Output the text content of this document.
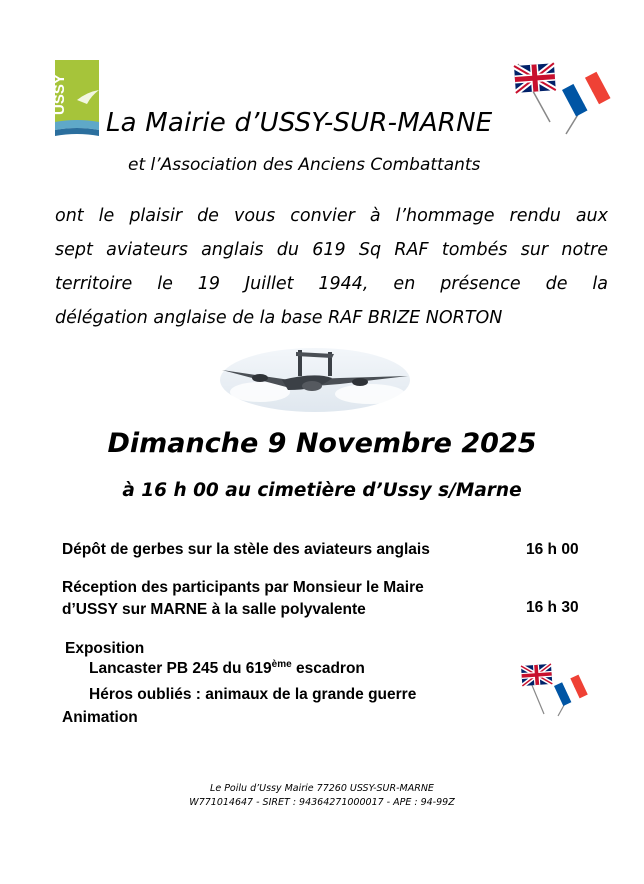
USSY
La Mairie d’USSY-SUR-MARNE
et l’Association des Anciens Combattants
ont le plaisir de vous convier à l’hommage rendu aux
sept aviateurs anglais du 619 Sq RAF tombés sur notre
territoire le 19 Juillet 1944, en présence de la
délégation anglaise de la base RAF BRIZE NORTON
Dimanche 9 Novembre 2025
à 16 h 00 au cimetière d’Ussy s/Marne
Dépôt de gerbes sur la stèle des aviateurs anglais	16 h 00
Réception des participants par Monsieur le Maire
d’USSY sur MARNE à la salle polyvalente	16 h 30
Exposition
Lancaster PB 245 du 619ème escadron
Héros oubliés : animaux de la grande guerre
Animation
Le Poilu d’Ussy Mairie 77260 USSY-SUR-MARNE
W771014647 - SIRET : 94364271000017 - APE : 94-99Z
